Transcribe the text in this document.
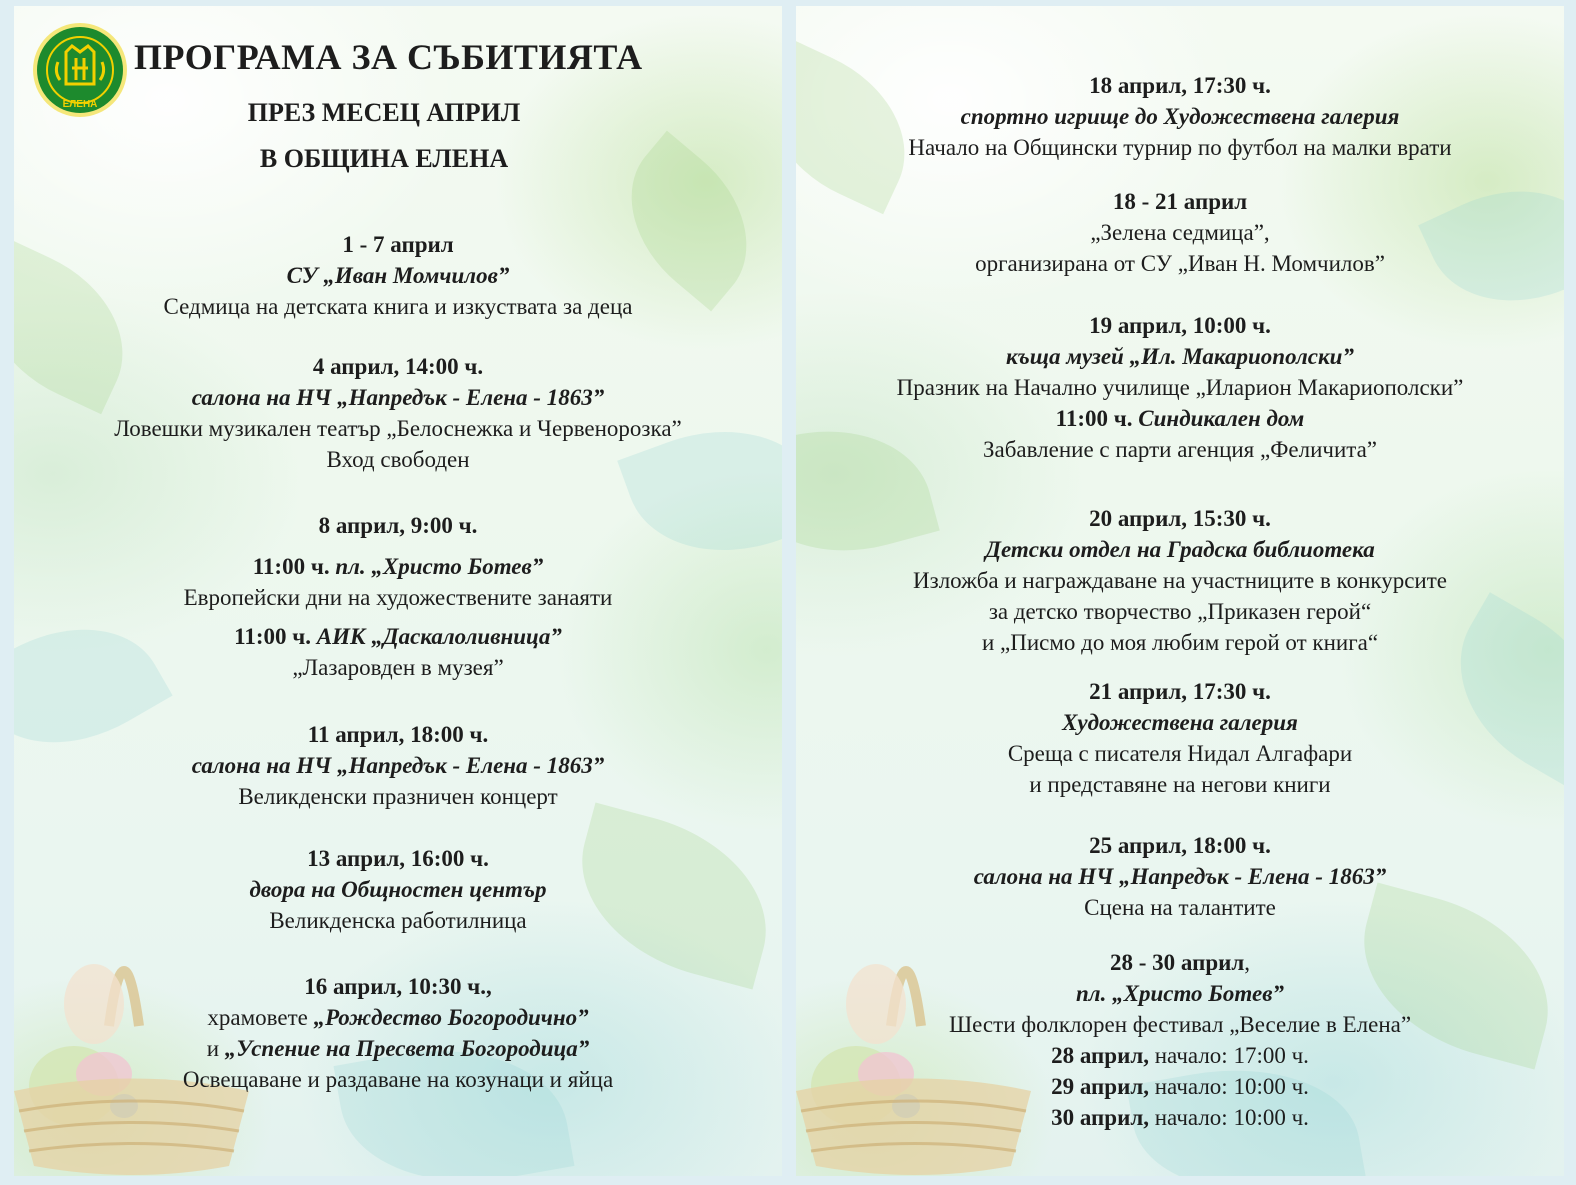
ЕЛЕНА
ПРОГРАМА ЗА СЪБИТИЯТА
ПРЕЗ МЕСЕЦ АПРИЛ
В ОБЩИНА ЕЛЕНА
1 - 7 април
СУ „Иван Момчилов”
Седмица на детската книга и изкуствата за деца
4 април, 14:00 ч.
салона на НЧ „Напредък - Елена - 1863”
Ловешки музикален театър „Белоснежка и Червенорозка”
Вход свободен
8 април, 9:00 ч.
11:00 ч. пл. „Христо Ботев”
Европейски дни на художествените занаяти
11:00 ч. АИК „Даскалоливница”
„Лазаровден в музея”
11 април, 18:00 ч.
салона на НЧ „Напредък - Елена - 1863”
Великденски празничен концерт
13 април, 16:00 ч.
двора на Общностен център
Великденска работилница
16 април, 10:30 ч.,
храмовете „Рождество Богородично”
и „Успение на Пресвета Богородица”
Освещаване и раздаване на козунаци и яйца
18 април, 17:30 ч.
спортно игрище до Художествена галерия
Начало на Общински турнир по футбол на малки врати
18 - 21 април
„Зелена седмица”,
организирана от СУ „Иван Н. Момчилов”
19 април, 10:00 ч.
къща музей „Ил. Макариополски”
Празник на Начално училище „Иларион Макариополски”
11:00 ч. Синдикален дом
Забавление с парти агенция „Феличита”
20 април, 15:30 ч.
Детски отдел на Градска библиотека
Изложба и награждаване на участниците в конкурсите
за детско творчество „Приказен герой“
и „Писмо до моя любим герой от книга“
21 април, 17:30 ч.
Художествена галерия
Среща с писателя Нидал Алгафари
и представяне на негови книги
25 април, 18:00 ч.
салона на НЧ „Напредък - Елена - 1863”
Сцена на талантите
28 - 30 април,
пл. „Христо Ботев”
Шести фолклорен фестивал „Веселие в Елена”
28 април, начало: 17:00 ч.
29 април, начало: 10:00 ч.
30 април, начало: 10:00 ч.
